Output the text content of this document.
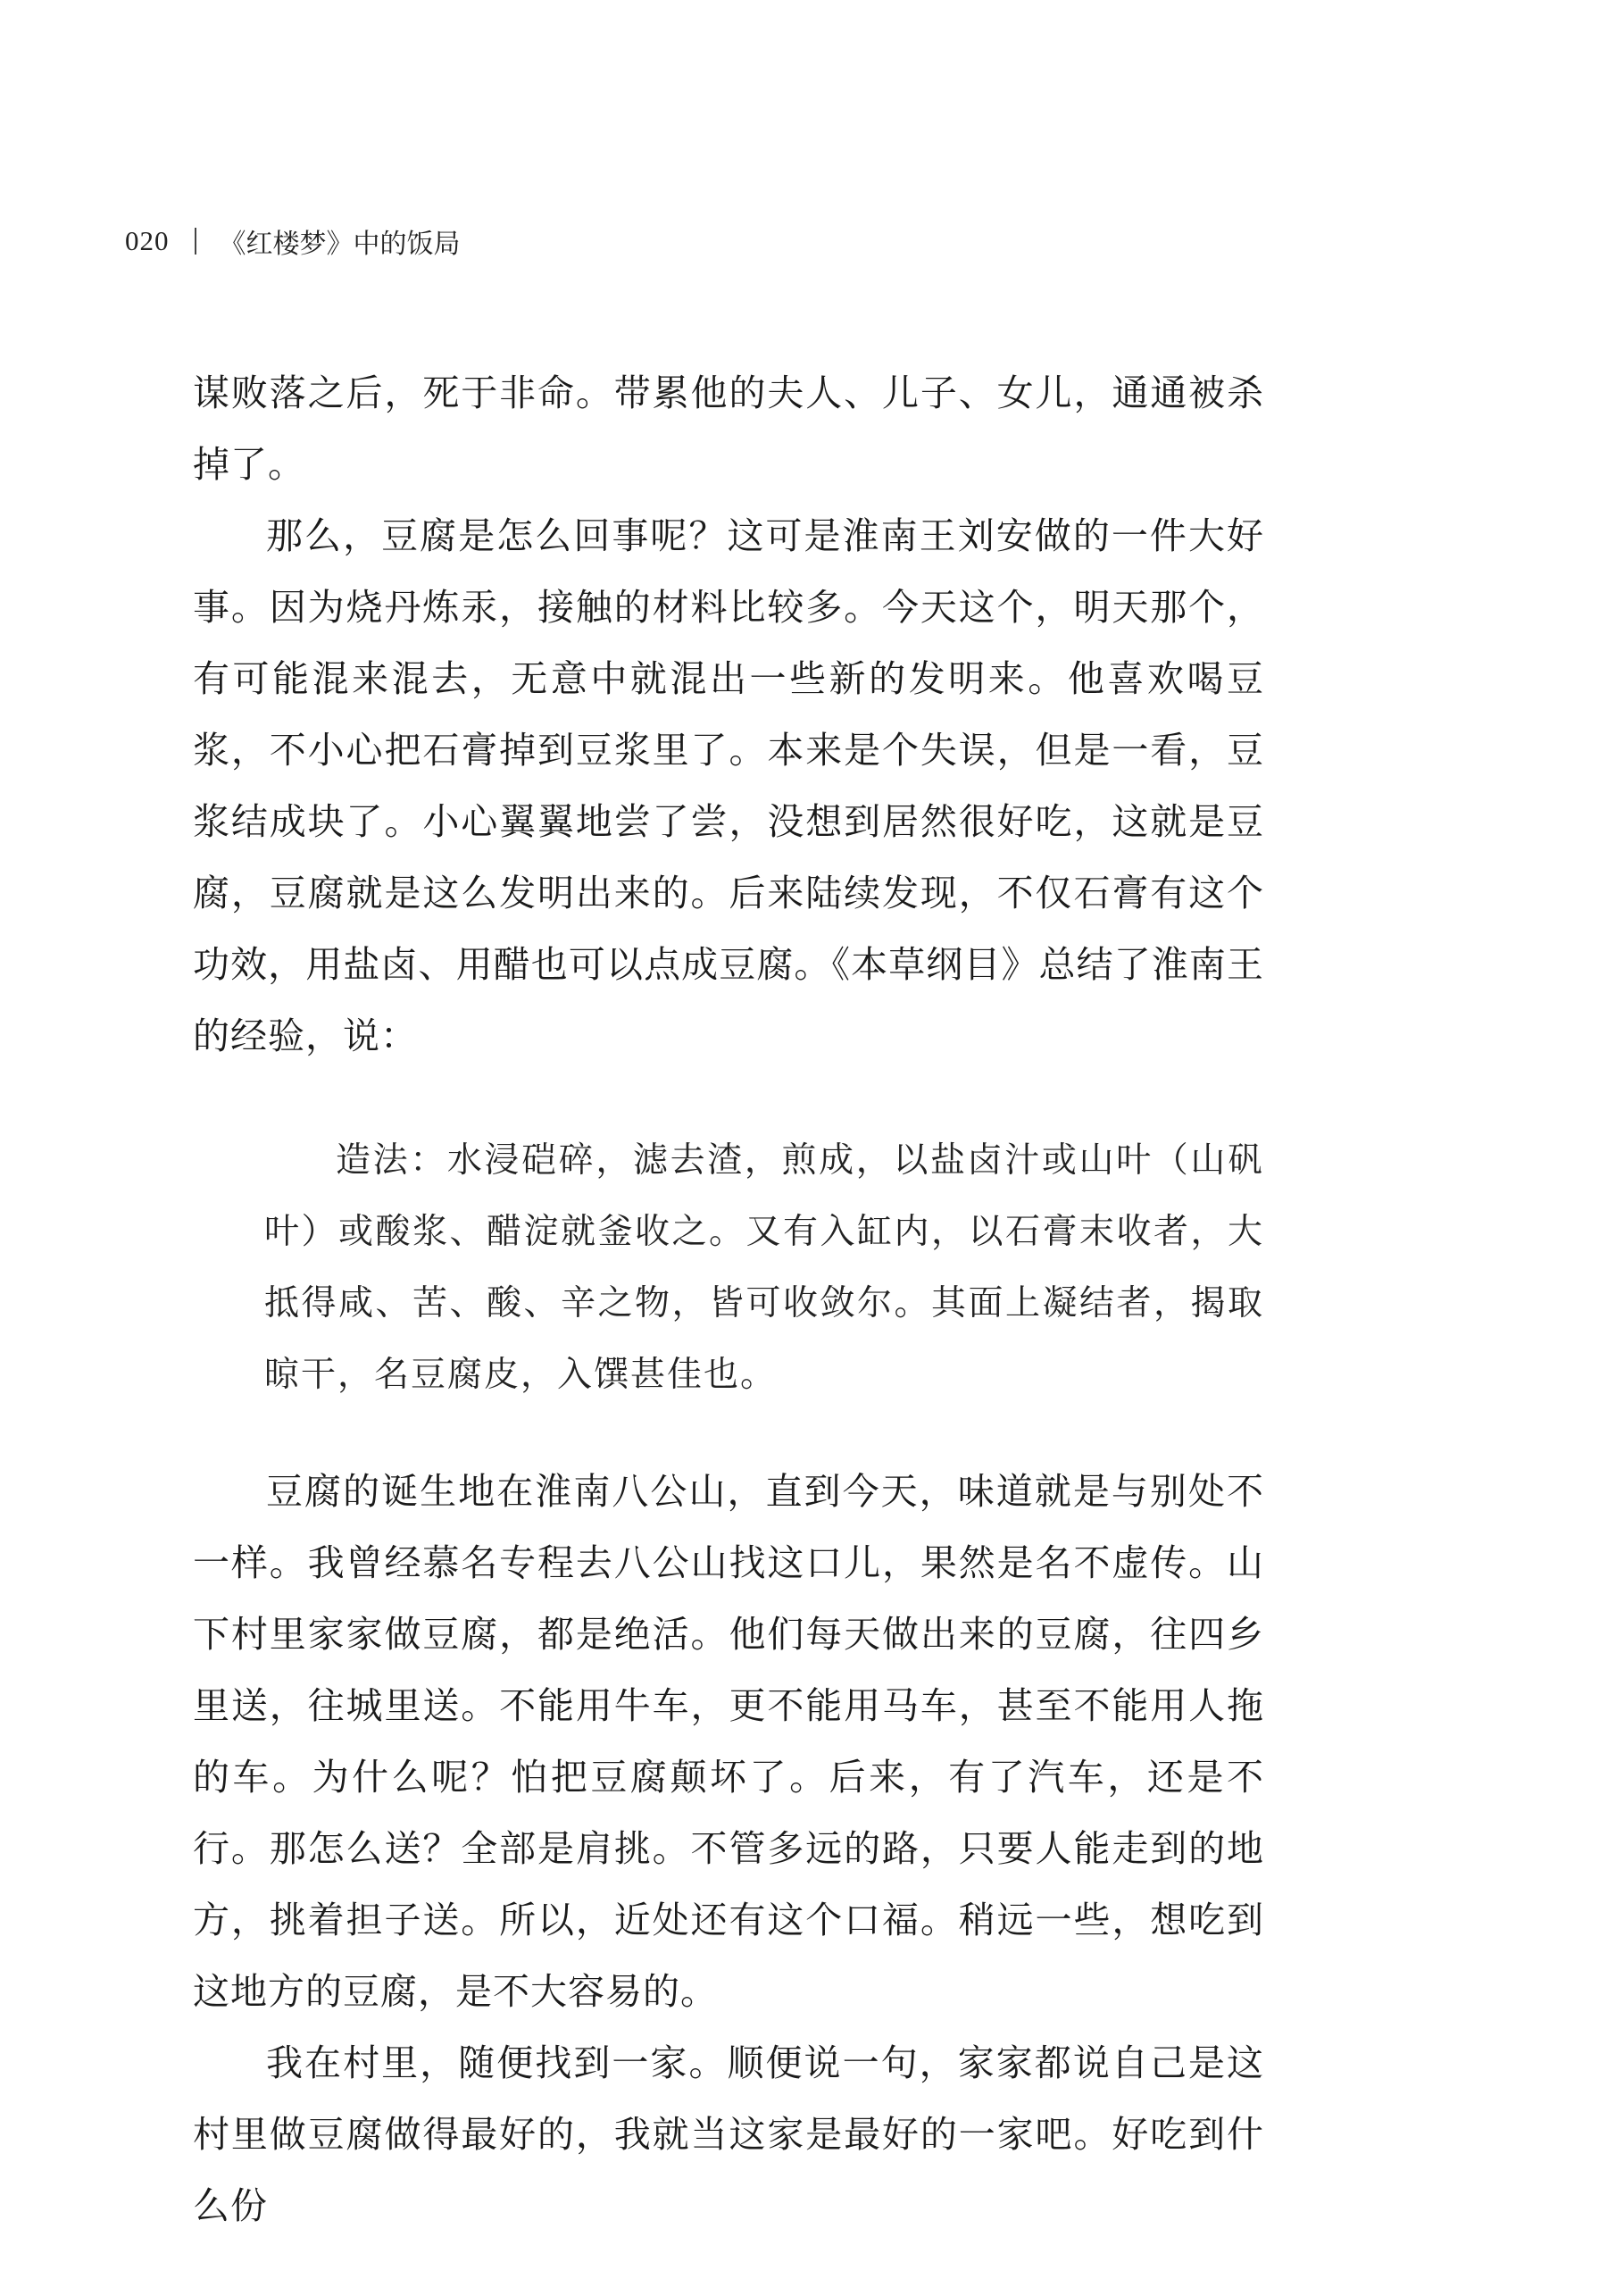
020 《红楼梦》中的饭局

谋败落之后，死于非命。带累他的夫人、儿子、女儿，通通被杀掉了。

那么，豆腐是怎么回事呢？这可是淮南王刘安做的一件大好事。因为烧丹炼汞，接触的材料比较多。今天这个，明天那个，有可能混来混去，无意中就混出一些新的发明来。他喜欢喝豆浆，不小心把石膏掉到豆浆里了。本来是个失误，但是一看，豆浆结成块了。小心翼翼地尝了尝，没想到居然很好吃，这就是豆腐，豆腐就是这么发明出来的。后来陆续发现，不仅石膏有这个功效，用盐卤、用醋也可以点成豆腐。《本草纲目》总结了淮南王的经验，说：

造法：水浸硙碎，滤去渣，煎成，以盐卤汁或山叶（山矾叶）或酸浆、醋淀就釜收之。又有入缸内，以石膏末收者，大抵得咸、苦、酸、辛之物，皆可收敛尔。其面上凝结者，揭取晾干，名豆腐皮，入馔甚佳也。

豆腐的诞生地在淮南八公山，直到今天，味道就是与别处不一样。我曾经慕名专程去八公山找这口儿，果然是名不虚传。山下村里家家做豆腐，都是绝活。他们每天做出来的豆腐，往四乡里送，往城里送。不能用牛车，更不能用马车，甚至不能用人拖的车。为什么呢？怕把豆腐颠坏了。后来，有了汽车，还是不行。那怎么送？全部是肩挑。不管多远的路，只要人能走到的地方，挑着担子送。所以，近处还有这个口福。稍远一些，想吃到这地方的豆腐，是不大容易的。

我在村里，随便找到一家。顺便说一句，家家都说自己是这村里做豆腐做得最好的，我就当这家是最好的一家吧。好吃到什么份
